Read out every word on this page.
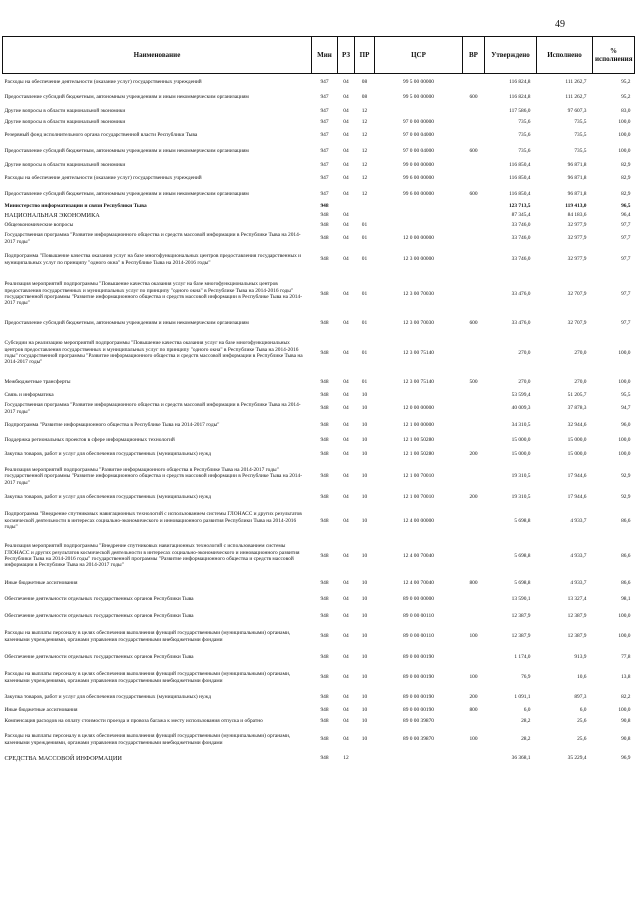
49
Наименование	Мин	РЗ	ПР	ЦСР	ВР	Утверждено	Исполнено	% исполнения
Расходы на обеспечение деятельности (оказание услуг) государственных учреждений	947	04	08	99 5 00 00000		116 824,8	111 262,7	95,2
Предоставление субсидий бюджетным, автономным учреждениям и иным некоммерческим организациям	947	04	08	99 5 00 00000	600	116 824,8	111 262,7	95,2
Другие вопросы в области национальной экономики	947	04	12			117 586,0	97 607,3	83,0
Другие вопросы в области национальной экономики	947	04	12	97 0 00 00000		735,6	735,5	100,0
Резервный фонд исполнительного органа государственной власти Республики Тыва	947	04	12	97 0 00 04000		735,6	735,5	100,0
Предоставление субсидий бюджетным, автономным учреждениям и иным некоммерческим организациям	947	04	12	97 0 00 04000	600	735,6	735,5	100,0
Другие вопросы в области национальной экономики	947	04	12	99 0 00 00000		116 850,4	96 871,8	82,9
Расходы на обеспечение деятельности (оказание услуг) государственных учреждений	947	04	12	99 6 00 00000		116 850,4	96 871,8	82,9
Предоставление субсидий бюджетным, автономным учреждениям и иным некоммерческим организациям	947	04	12	99 6 00 00000	600	116 850,4	96 871,8	82,9
Министерство информатизации и связи Республики Тыва	948					123 713,5	119 413,0	96,5
НАЦИОНАЛЬНАЯ ЭКОНОМИКА	948	04				87 345,4	84 183,6	96,4
Общеэкономические вопросы	948	04	01			33 746,0	32 977,9	97,7
Государственная программа "Развитие информационного общества и средств массовой информации в Республике Тыва на 2014-2017 годы"	948	04	01	12 0 00 00000		33 746,0	32 977,9	97,7
Подпрограмма "Повышение качества оказания услуг на базе многофункциональных центров предоставления государственных и муниципальных услуг по принципу "одного окна" в Республике Тыва на 2014-2016 годы"	948	04	01	12 3 00 00000		33 746,0	32 977,9	97,7
Реализация мероприятий подпрограммы "Повышение качества оказания услуг на базе многофункциональных центров предоставления государственных и муниципальных услуг по принципу "одного окна" в Республике Тыва на 2014-2016 годы" государственной программы "Развитие информационного общества и средств массовой информации в Республике Тыва на 2014-2017 годы"	948	04	01	12 3 00 70030		33 476,0	32 707,9	97,7
Предоставление субсидий бюджетным, автономным учреждениям и иным некоммерческим организациям	948	04	01	12 3 00 70030	600	33 476,0	32 707,9	97,7
Субсидии на реализацию мероприятий подпрограммы "Повышение качества оказания услуг на базе многофункциональных центров предоставления государственных и муниципальных услуг по принципу "одного окна" в Республике Тыва на 2014-2016 годы" государственной программы "Развитие информационного общества и средств массовой информации в Республике Тыва на 2014-2017 годы"	948	04	01	12 3 00 75140		270,0	270,0	100,0
Межбюджетные трансферты	948	04	01	12 3 00 75140	500	270,0	270,0	100,0
Связь и информатика	948	04	10			53 599,4	51 205,7	95,5
Государственная программа "Развитие информационного общества и средств массовой информации в Республике Тыва на 2014-2017 годы"	948	04	10	12 0 00 00000		40 009,3	37 878,3	94,7
Подпрограмма "Развитие информационного общества в Республике Тыва на 2014-2017 годы"	948	04	10	12 1 00 00000		34 310,5	32 944,6	96,0
Поддержка региональных проектов в сфере информационных технологий	948	04	10	12 1 00 50280		15 000,0	15 000,0	100,0
Закупка товаров, работ и услуг для обеспечения государственных (муниципальных) нужд	948	04	10	12 1 00 50280	200	15 000,0	15 000,0	100,0
Реализация мероприятий подпрограммы "Развитие информационного общества в Республике Тыва на 2014-2017 годы" государственной программы "Развитие информационного общества и средств массовой информации в Республике Тыва на 2014-2017 годы"	948	04	10	12 1 00 70010		19 310,5	17 944,6	92,9
Закупка товаров, работ и услуг для обеспечения государственных (муниципальных) нужд	948	04	10	12 1 00 70010	200	19 310,5	17 944,6	92,9
Подпрограмма "Внедрение спутниковых навигационных технологий с использованием системы ГЛОНАСС и других результатов космической деятельности в интересах социально-экономического и инновационного развития Республики Тыва на 2014-2016 годы"	948	04	10	12 4 00 00000		5 698,8	4 933,7	86,6
Реализация мероприятий подпрограммы "Внедрение спутниковых навигационных технологий с использованием системы ГЛОНАСС и других результатов космической деятельности в интересах социально-экономического и инновационного развития Республики Тыва на 2014-2016 годы" государственной программы "Развитие информационного общества и средств массовой информации в Республике Тыва на 2014-2017 годы"	948	04	10	12 4 00 70040		5 698,8	4 933,7	86,6
Иные бюджетные ассигнования	948	04	10	12 4 00 70040	800	5 698,8	4 933,7	86,6
Обеспечение деятельности отдельных государственных органов Республики Тыва	948	04	10	89 0 00 00000		13 590,1	13 327,4	98,1
Обеспечение деятельности отдельных государственных органов Республики Тыва	948	04	10	89 0 00 00110		12 387,9	12 387,9	100,0
Расходы на выплаты персоналу в целях обеспечения выполнения функций государственными (муниципальными) органами, казенными учреждениями, органами управления государственными внебюджетными фондами	948	04	10	89 0 00 00110	100	12 387,9	12 387,9	100,0
Обеспечение деятельности отдельных государственных органов Республики Тыва	948	04	10	89 0 00 00190		1 174,0	913,9	77,8
Расходы на выплаты персоналу в целях обеспечения выполнения функций государственными (муниципальными) органами, казенными учреждениями, органами управления государственными внебюджетными фондами	948	04	10	89 0 00 00190	100	76,9	10,6	13,8
Закупка товаров, работ и услуг для обеспечения государственных (муниципальных) нужд	948	04	10	89 0 00 00190	200	1 091,1	897,3	82,2
Иные бюджетные ассигнования	948	04	10	89 0 00 00190	800	6,0	6,0	100,0
Компенсация расходов на оплату стоимости проезда и провоза багажа к месту использования отпуска и обратно	948	04	10	89 0 00 39870		28,2	25,6	90,8
Расходы на выплаты персоналу в целях обеспечения выполнения функций государственными (муниципальными) органами, казенными учреждениями, органами управления государственными внебюджетными фондами	948	04	10	89 0 00 39870	100	28,2	25,6	90,8
СРЕДСТВА МАССОВОЙ ИНФОРМАЦИИ	948	12				36 368,1	35 229,4	96,9
